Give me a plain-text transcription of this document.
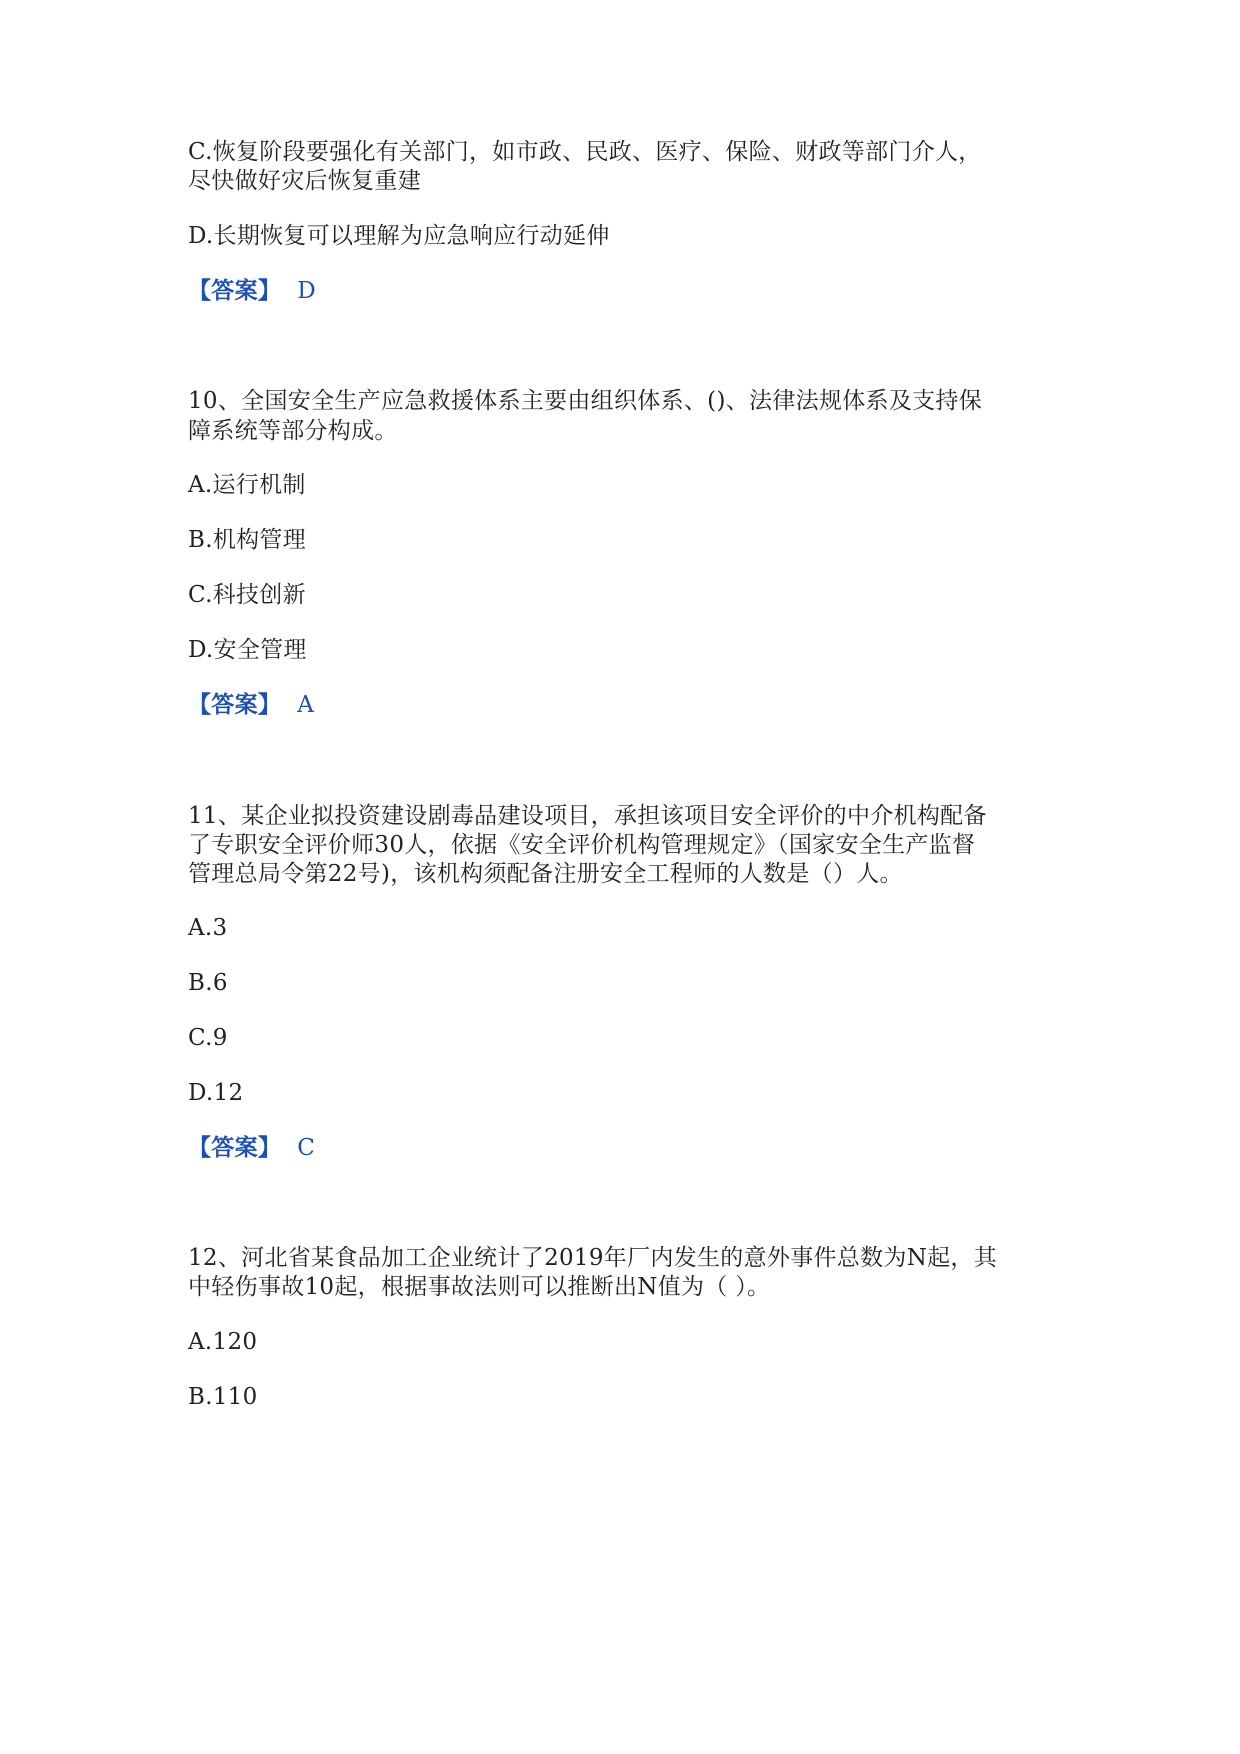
C.恢复阶段要强化有关部门，如市政、民政、医疗、保险、财政等部门介人，
尽快做好灾后恢复重建
D.长期恢复可以理解为应急响应行动延伸
【答案】 D
10、全国安全生产应急救援体系主要由组织体系、()、法律法规体系及支持保
障系统等部分构成。
A.运行机制
B.机构管理
C.科技创新
D.安全管理
【答案】 A
11、某企业拟投资建设剧毒品建设项目，承担该项目安全评价的中介机构配备
了专职安全评价师30人，依据《安全评价机构管理规定》（国家安全生产监督
管理总局令第22号)，该机构须配备注册安全工程师的人数是（）人。
A.3
B.6
C.9
D.12
【答案】 C
12、河北省某食品加工企业统计了2019年厂内发生的意外事件总数为N起，其
中轻伤事故10起，根据事故法则可以推断出N值为（ ）。
A.120
B.110
